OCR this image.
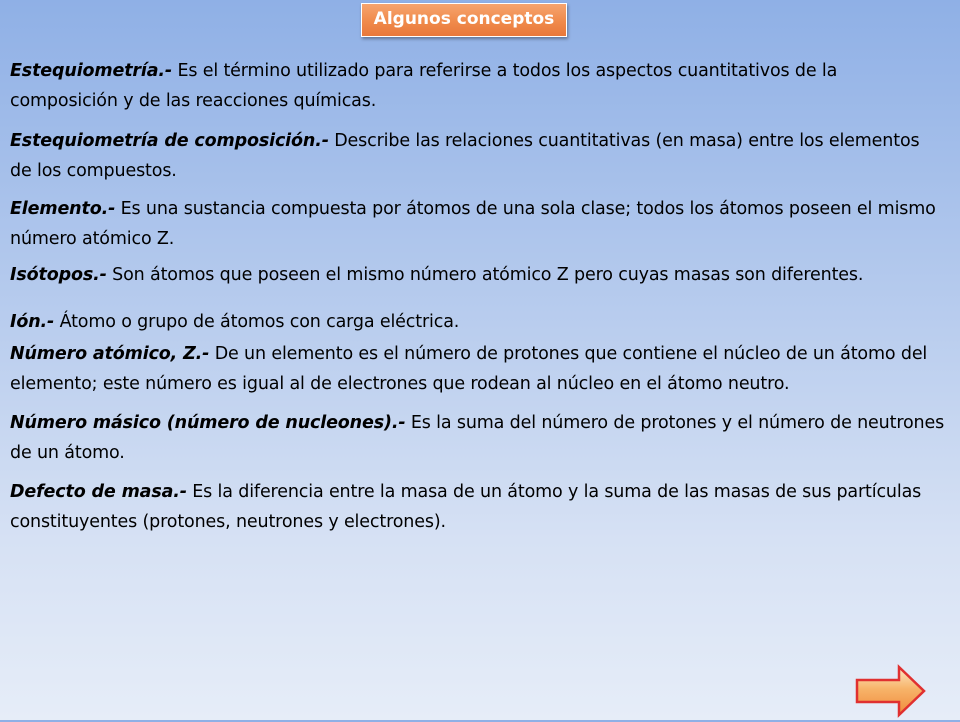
Algunos conceptos

Estequiometría.- Es el término utilizado para referirse a todos los aspectos cuantitativos de la composición y de las reacciones químicas.

Estequiometría de composición.- Describe las relaciones cuantitativas (en masa) entre los elementos de los compuestos.

Elemento.- Es una sustancia compuesta por átomos de una sola clase; todos los átomos poseen el mismo número atómico Z.

Isótopos.- Son átomos que poseen el mismo número atómico Z pero cuyas masas son diferentes.

Ión.- Átomo o grupo de átomos con carga eléctrica.

Número atómico, Z.- De un elemento es el número de protones que contiene el núcleo de un átomo del elemento; este número es igual al de electrones que rodean al núcleo en el átomo neutro.

Número másico (número de nucleones).- Es la suma del número de protones y el número de neutrones de un átomo.

Defecto de masa.- Es la diferencia entre la masa de un átomo y la suma de las masas de sus partículas constituyentes (protones, neutrones y electrones).
